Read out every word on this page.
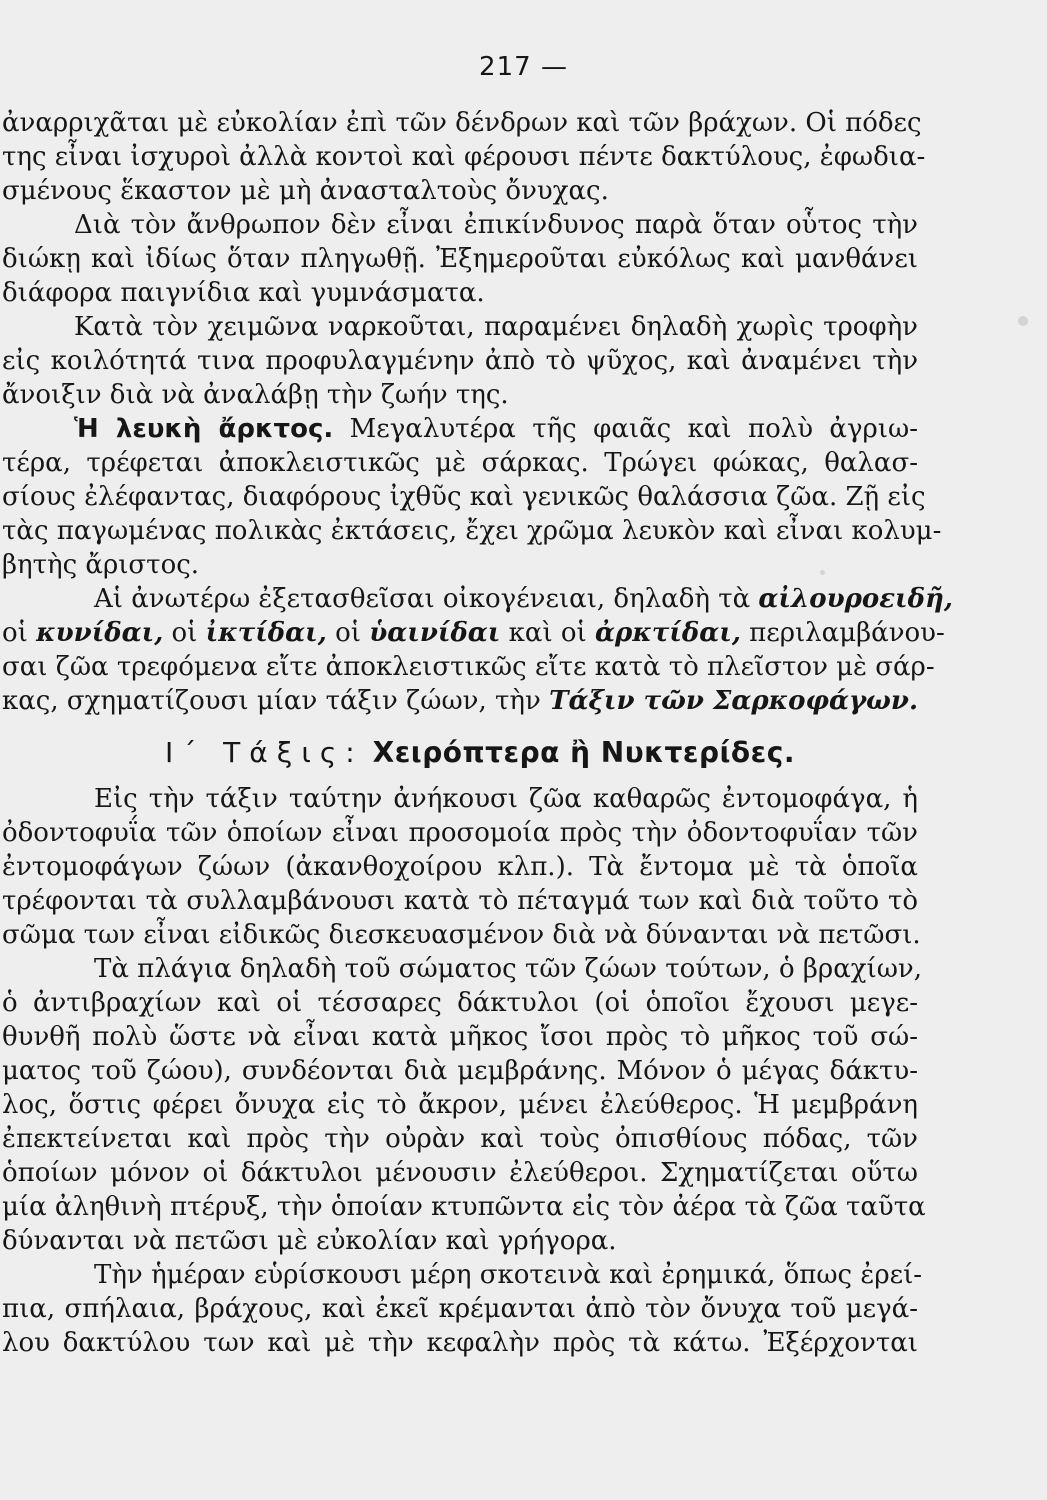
217 —
ἀναρριχᾶται μὲ εὐκολίαν ἐπὶ τῶν δένδρων καὶ τῶν βράχων. Οἱ πόδες
της εἶναι ἰσχυροὶ ἀλλὰ κοντοὶ καὶ φέρουσι πέντε δακτύλους, ἐφωδια-
σμένους ἕκαστον μὲ μὴ ἀνασταλτοὺς ὄνυχας.
Διὰ τὸν ἄνθρωπον δὲν εἶναι ἐπικίνδυνος παρὰ ὅταν οὗτος τὴν
διώκῃ καὶ ἰδίως ὅταν πληγωθῇ. Ἐξημεροῦται εὐκόλως καὶ μανθάνει
διάφορα παιγνίδια καὶ γυμνάσματα.
Κατὰ τὸν χειμῶνα ναρκοῦται, παραμένει δηλαδὴ χωρὶς τροφὴν
εἰς κοιλότητά τινα προφυλαγμένην ἀπὸ τὸ ψῦχος, καὶ ἀναμένει τὴν
ἄνοιξιν διὰ νὰ ἀναλάβῃ τὴν ζωήν της.
Ἡ λευκὴ ἄρκτος. Μεγαλυτέρα τῆς φαιᾶς καὶ πολὺ ἀγριω-
τέρα, τρέφεται ἀποκλειστικῶς μὲ σάρκας. Τρώγει φώκας, θαλασ-
σίους ἐλέφαντας, διαφόρους ἰχθῦς καὶ γενικῶς θαλάσσια ζῶα. Ζῇ εἰς
τὰς παγωμένας πολικὰς ἐκτάσεις, ἔχει χρῶμα λευκὸν καὶ εἶναι κολυμ-
βητὴς ἄριστος.
Αἱ ἀνωτέρω ἐξετασθεῖσαι οἰκογένειαι, δηλαδὴ τὰ αἰλουροειδῆ,
οἱ κυνίδαι, οἱ ἰκτίδαι, οἱ ὑαινίδαι καὶ οἱ ἀρκτίδαι, περιλαμβάνου-
σαι ζῶα τρεφόμενα εἴτε ἀποκλειστικῶς εἴτε κατὰ τὸ πλεῖστον μὲ σάρ-
κας, σχηματίζουσι μίαν τάξιν ζώων, τὴν Τάξιν τῶν Σαρκοφάγων.
Ι΄ Τάξις: Χειρόπτερα ἢ Νυκτερίδες.
Εἰς τὴν τάξιν ταύτην ἀνήκουσι ζῶα καθαρῶς ἐντομοφάγα, ἡ
ὀδοντοφυΐα τῶν ὁποίων εἶναι προσομοία πρὸς τὴν ὀδοντοφυΐαν τῶν
ἐντομοφάγων ζώων (ἀκανθοχοίρου κλπ.). Τὰ ἔντομα μὲ τὰ ὁποῖα
τρέφονται τὰ συλλαμβάνουσι κατὰ τὸ πέταγμά των καὶ διὰ τοῦτο τὸ
σῶμα των εἶναι εἰδικῶς διεσκευασμένον διὰ νὰ δύνανται νὰ πετῶσι.
Τὰ πλάγια δηλαδὴ τοῦ σώματος τῶν ζώων τούτων, ὁ βραχίων,
ὁ ἀντιβραχίων καὶ οἱ τέσσαρες δάκτυλοι (οἱ ὁποῖοι ἔχουσι μεγε-
θυνθῆ πολὺ ὥστε νὰ εἶναι κατὰ μῆκος ἴσοι πρὸς τὸ μῆκος τοῦ σώ-
ματος τοῦ ζώου), συνδέονται διὰ μεμβράνης. Μόνον ὁ μέγας δάκτυ-
λος, ὅστις φέρει ὄνυχα εἰς τὸ ἄκρον, μένει ἐλεύθερος. Ἡ μεμβράνη
ἐπεκτείνεται καὶ πρὸς τὴν οὐρὰν καὶ τοὺς ὀπισθίους πόδας, τῶν
ὁποίων μόνον οἱ δάκτυλοι μένουσιν ἐλεύθεροι. Σχηματίζεται οὕτω
μία ἀληθινὴ πτέρυξ, τὴν ὁποίαν κτυπῶντα εἰς τὸν ἀέρα τὰ ζῶα ταῦτα
δύνανται νὰ πετῶσι μὲ εὐκολίαν καὶ γρήγορα.
Τὴν ἡμέραν εὑρίσκουσι μέρη σκοτεινὰ καὶ ἐρημικά, ὅπως ἐρεί-
πια, σπήλαια, βράχους, καὶ ἐκεῖ κρέμανται ἀπὸ τὸν ὄνυχα τοῦ μεγά-
λου δακτύλου των καὶ μὲ τὴν κεφαλὴν πρὸς τὰ κάτω. Ἐξέρχονται
